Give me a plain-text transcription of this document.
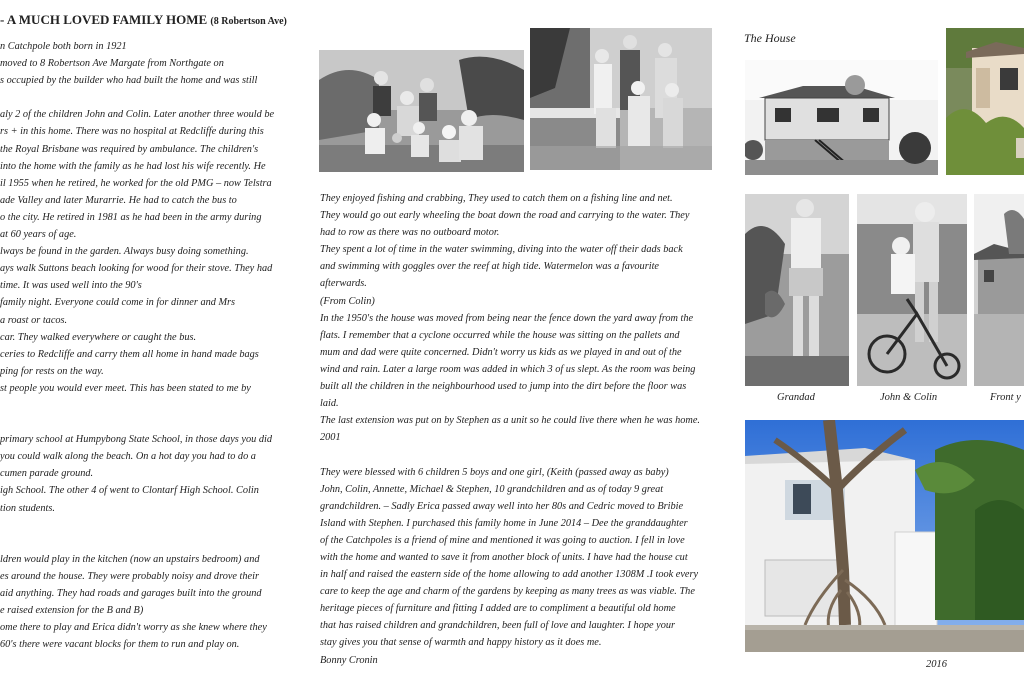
- A MUCH LOVED FAMILY HOME (8 Robertson Ave)
n Catchpole both born in 1921
moved to 8 Robertson Ave Margate from Northgate on
s occupied by the builder who had built the home and was still
aly 2 of the children John and Colin. Later another three would be
rs + in this home. There was no hospital at Redcliffe during this
the Royal Brisbane was required by ambulance. The children's
into the home with the family as he had lost his wife recently. He
il 1955 when he retired, he worked for the old PMG – now Telstra
ade Valley and later Murarrie. He had to catch the bus to
o the city. He retired in 1981 as he had been in the army during
at 60 years of age.
lways be found in the garden. Always busy doing something.
ays walk Suttons beach looking for wood for their stove. They had
time. It was used well into the 90's
family night. Everyone could come in for dinner and Mrs
a roast or tacos.
car. They walked everywhere or caught the bus.
ceries to Redcliffe and carry them all home in hand made bags
ping for rests on the way.
st people you would ever meet. This has been stated to me by
primary school at Humpybong State School, in those days you did
you could walk along the beach. On a hot day you had to do a
cumen parade ground.
igh School. The other 4 of went to Clontarf High School. Colin
tion students.
ldren would play in the kitchen (now an upstairs bedroom) and
es around the house. They were probably noisy and drove their
aid anything. They had roads and garages built into the ground
e raised extension for the B and B)
ome there to play and Erica didn't worry as she knew where they
60's there were vacant blocks for them to run and play on.
They enjoyed fishing and crabbing, They used to catch them on a fishing line and net.
They would go out early wheeling the boat down the road and carrying to the water. They
had to row as there was no outboard motor.
They spent a lot of time in the water swimming, diving into the water off their dads back
and swimming with goggles over the reef at high tide. Watermelon was a favourite
afterwards.
(From Colin)
In the 1950's the house was moved from being near the fence down the yard away from the
flats. I remember that a cyclone occurred while the house was sitting on the pallets and
mum and dad were quite concerned. Didn't worry us kids as we played in and out of the
wind and rain. Later a large room was added in which 3 of us slept. As the room was being
built all the children in the neighbourhood used to jump into the dirt before the floor was
laid.
The last extension was put on by Stephen as a unit so he could live there when he was home.
2001
They were blessed with 6 children 5 boys and one girl, (Keith (passed away as baby)
John, Colin, Annette, Michael & Stephen, 10 grandchildren and as of today 9 great
grandchildren. – Sadly Erica passed away well into her 80s and Cedric moved to Bribie
Island with Stephen. I purchased this family home in June 2014 – Dee the granddaughter
of the Catchpoles is a friend of mine and mentioned it was going to auction. I fell in love
with the home and wanted to save it from another block of units. I have had the house cut
in half and raised the eastern side of the home allowing to add another 1308M .I took every
care to keep the age and charm of the gardens by keeping as many trees as was viable. The
heritage pieces of furniture and fitting I added are to compliment a beautiful old home
that has raised children and grandchildren, been full of love and laughter. I hope your
stay gives you that sense of warmth and happy history as it does me.
Bonny Cronin
The House
Grandad	John & Colin	Front y
2016
